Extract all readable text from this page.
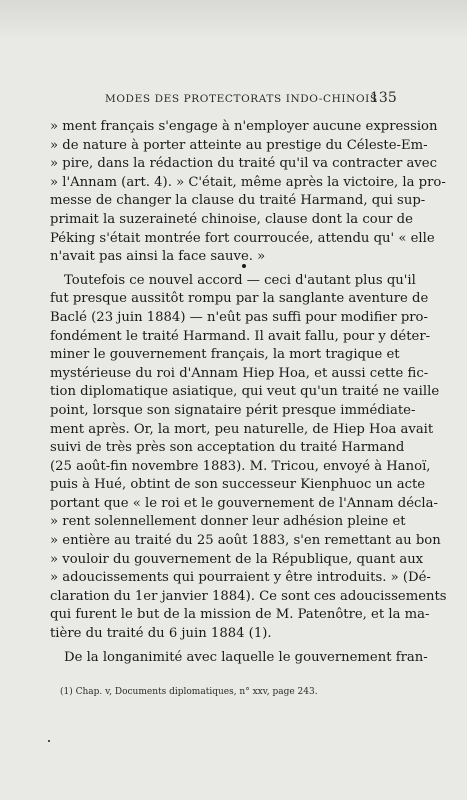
MODES DES PROTECTORATS INDO-CHINOIS
135
» ment français s'engage à n'employer aucune expression
» de nature à porter atteinte au prestige du Céleste-Em-
» pire, dans la rédaction du traité qu'il va contracter avec
» l'Annam (art. 4). » C'était, même après la victoire, la pro-
messe de changer la clause du traité Harmand, qui sup-
primait la suzeraineté chinoise, clause dont la cour de
Péking s'était montrée fort courroucée, attendu qu' « elle
n'avait pas ainsi la face sauve. »
Toutefois ce nouvel accord — ceci d'autant plus qu'il
fut presque aussitôt rompu par la sanglante aventure de
Baclé (23 juin 1884) — n'eût pas suffi pour modifier pro-
fondément le traité Harmand. Il avait fallu, pour y déter-
miner le gouvernement français, la mort tragique et
mystérieuse du roi d'Annam Hiep Hoa, et aussi cette fic-
tion diplomatique asiatique, qui veut qu'un traité ne vaille
point, lorsque son signataire périt presque immédiate-
ment après. Or, la mort, peu naturelle, de Hiep Hoa avait
suivi de très près son acceptation du traité Harmand
(25 août-fin novembre 1883). M. Tricou, envoyé à Hanoï,
puis à Hué, obtint de son successeur Kienphuoc un acte
portant que « le roi et le gouvernement de l'Annam décla-
» rent solennellement donner leur adhésion pleine et
» entière au traité du 25 août 1883, s'en remettant au bon
» vouloir du gouvernement de la République, quant aux
» adoucissements qui pourraient y être introduits. » (Dé-
claration du 1er janvier 1884). Ce sont ces adoucissements
qui furent le but de la mission de M. Patenôtre, et la ma-
tière du traité du 6 juin 1884 (1).
De la longanimité avec laquelle le gouvernement fran-
(1) Chap. v, Documents diplomatiques, n° xxv, page 243.
